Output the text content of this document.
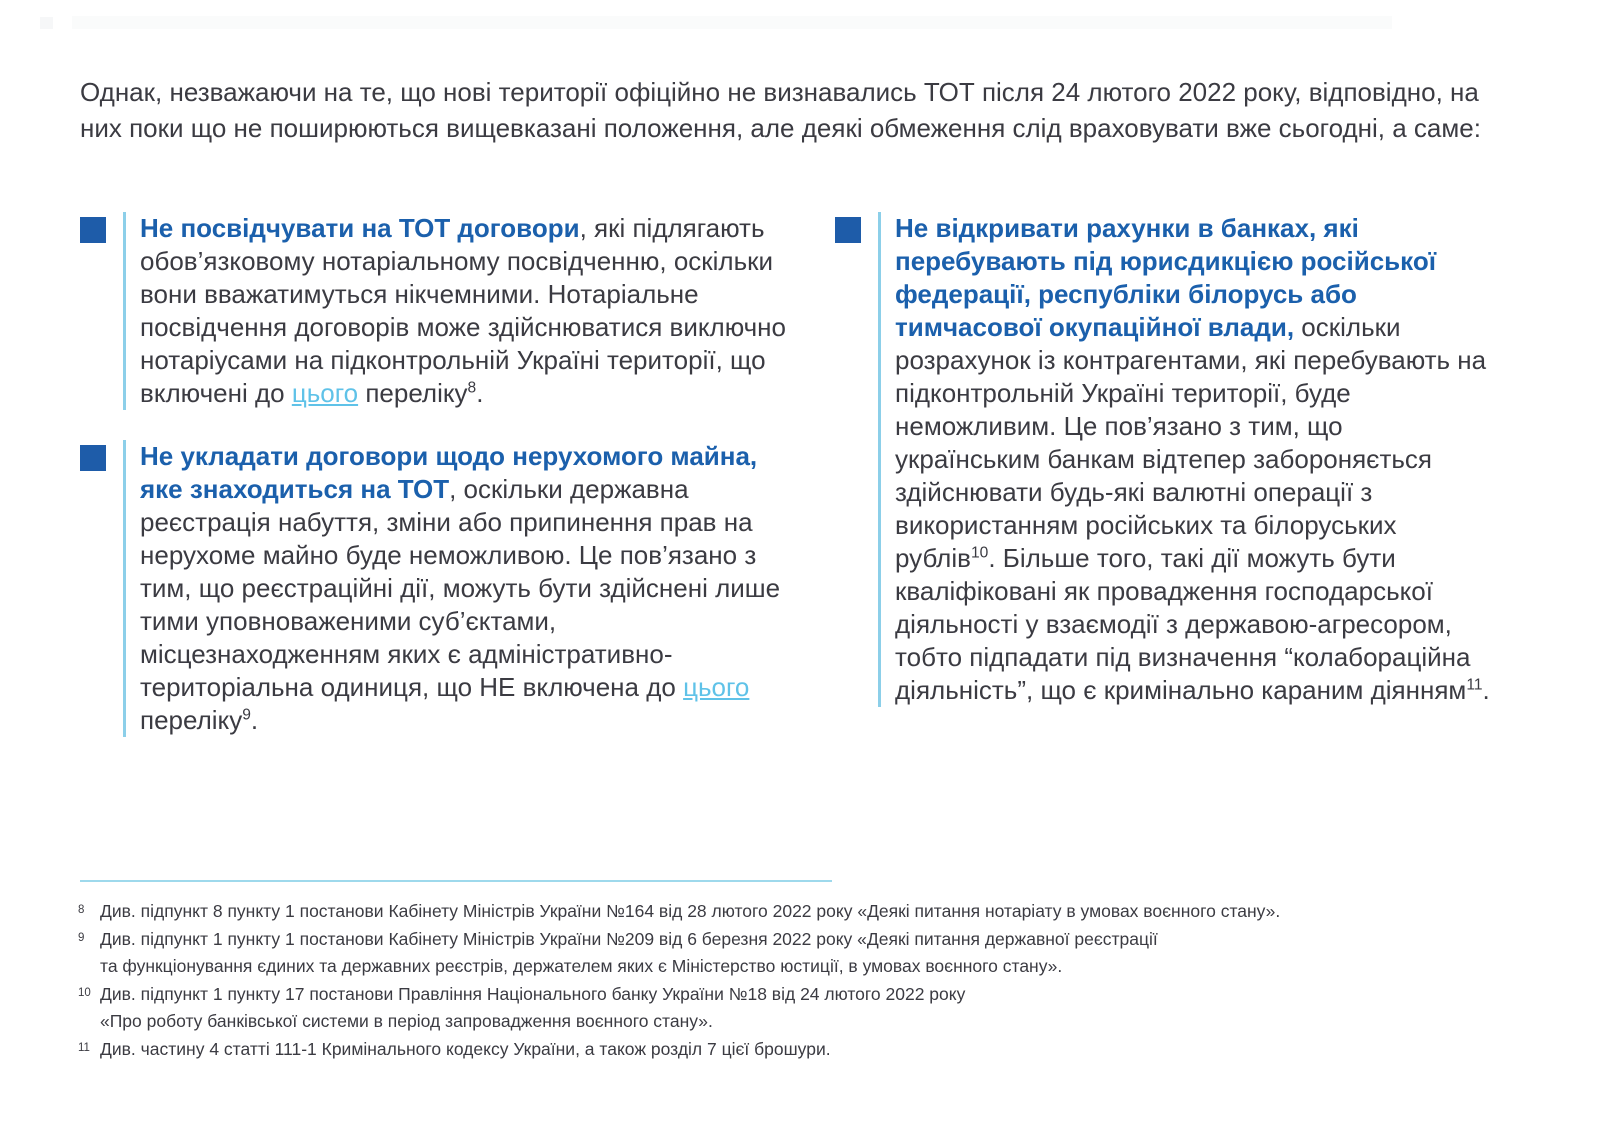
Однак, незважаючи на те, що нові території офіційно не визнавались ТОТ після 24 лютого 2022 року, відповідно, на них поки що не поширюються вищевказані положення, але деякі обмеження слід враховувати вже сьогодні, а саме:

Не посвідчувати на ТОТ договори, які підлягають обов’язковому нотаріальному посвідченню, оскільки вони вважатимуться нікчемними. Нотаріальне посвідчення договорів може здійснюватися виключно нотаріусами на підконтрольній Україні території, що включені до цього переліку$^8$.

Не укладати договори щодо нерухомого майна, яке знаходиться на ТОТ, оскільки державна реєстрація набуття, зміни або припинення прав на нерухоме майно буде неможливою. Це пов’язано з тим, що реєстраційні дії, можуть бути здійснені лише тими уповноваженими суб’єктами, місцезнаходженням яких є адміністративно-територіальна одиниця, що НЕ включена до цього переліку$^9$.

Не відкривати рахунки в банках, які перебувають під юрисдикцією російської федерації, республіки білорусь або тимчасової окупаційної влади, оскільки розрахунок із контрагентами, які перебувають на підконтрольній Україні території, буде неможливим. Це пов’язано з тим, що українським банкам відтепер забороняється здійснювати будь-які валютні операції з використанням російських та білоруських рублів$^{10}$. Більше того, такі дії можуть бути кваліфіковані як провадження господарської діяльності у взаємодії з державою-агресором, тобто підпадати під визначення “колабораційна діяльність”, що є кримінально караним діянням$^{11}$.

8 Див. підпункт 8 пункту 1 постанови Кабінету Міністрів України №164 від 28 лютого 2022 року «Деякі питання нотаріату в умовах воєнного стану».
9 Див. підпункт 1 пункту 1 постанови Кабінету Міністрів України №209 від 6 березня 2022 року «Деякі питання державної реєстрації
та функціонування єдиних та державних реєстрів, держателем яких є Міністерство юстиції, в умовах воєнного стану».
10 Див. підпункт 1 пункту 17 постанови Правління Національного банку України №18 від 24 лютого 2022 року
«Про роботу банківської системи в період запровадження воєнного стану».
11 Див. частину 4 статті 111-1 Кримінального кодексу України, а також розділ 7 цієї брошури.
